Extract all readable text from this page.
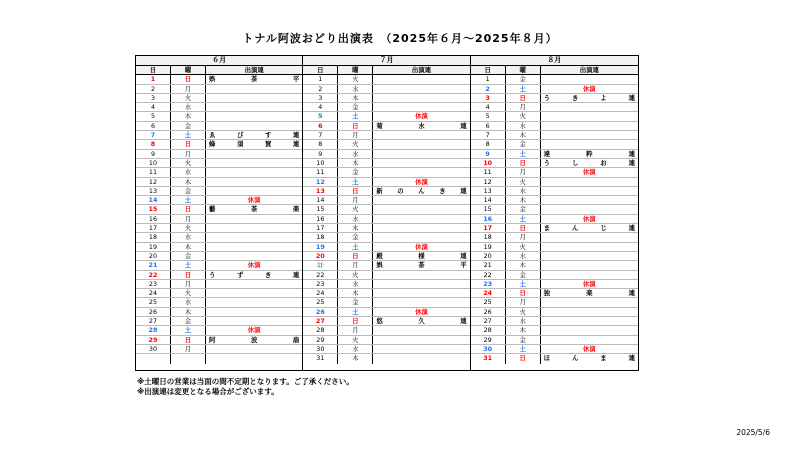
トナル阿波おどり出演表　（2025年６月〜2025年８月）
６月
日	曜	出演連
1	日	娯茶平
2	月
3	火
4	水
5	木
6	金
7	土	ゑびす連
8	日	蜂須賀連
9	月
10	火
11	水
12	木
13	金
14	土	休演
15	日	藝茶楽
16	月
17	火
18	水
19	木
20	金
21	土	休演
22	日	うずき連
23	月
24	火
25	水
26	木
27	金
28	土	休演
29	日	阿波扇
30	月
７月
日	曜	出演連
1	火
2	水
3	木
4	金
5	土	休演
6	日	菊水連
7	月
8	火
9	水
10	木
11	金
12	土	休演
13	日	新のんき連
14	月
15	火
16	水
17	木
18	金
19	土	休演
20	日	殿様連
㉑	月	娯茶平
22	火
23	水
24	木
25	金
26	土	休演
27	日	悠久連
28	月
29	火
30	水
31	木
８月
日	曜	出演連
1	金
2	土	休演
3	日	うきよ連
4	月
5	火
6	水
7	木
8	金
9	土	達粋連
10	日	うしお連
11	月	休演
12	火
13	水
14	木
15	金
16	土	休演
17	日	まんじ連
18	月
19	火
20	水
21	木
22	金
23	土	休演
24	日	独楽連
25	月
26	火
27	水
28	木
29	金
30	土	休演
31	日	ほんま連
※土曜日の営業は当面の間不定期となります。ご了承ください。
※出演連は変更となる場合がございます。
2025/5/6
